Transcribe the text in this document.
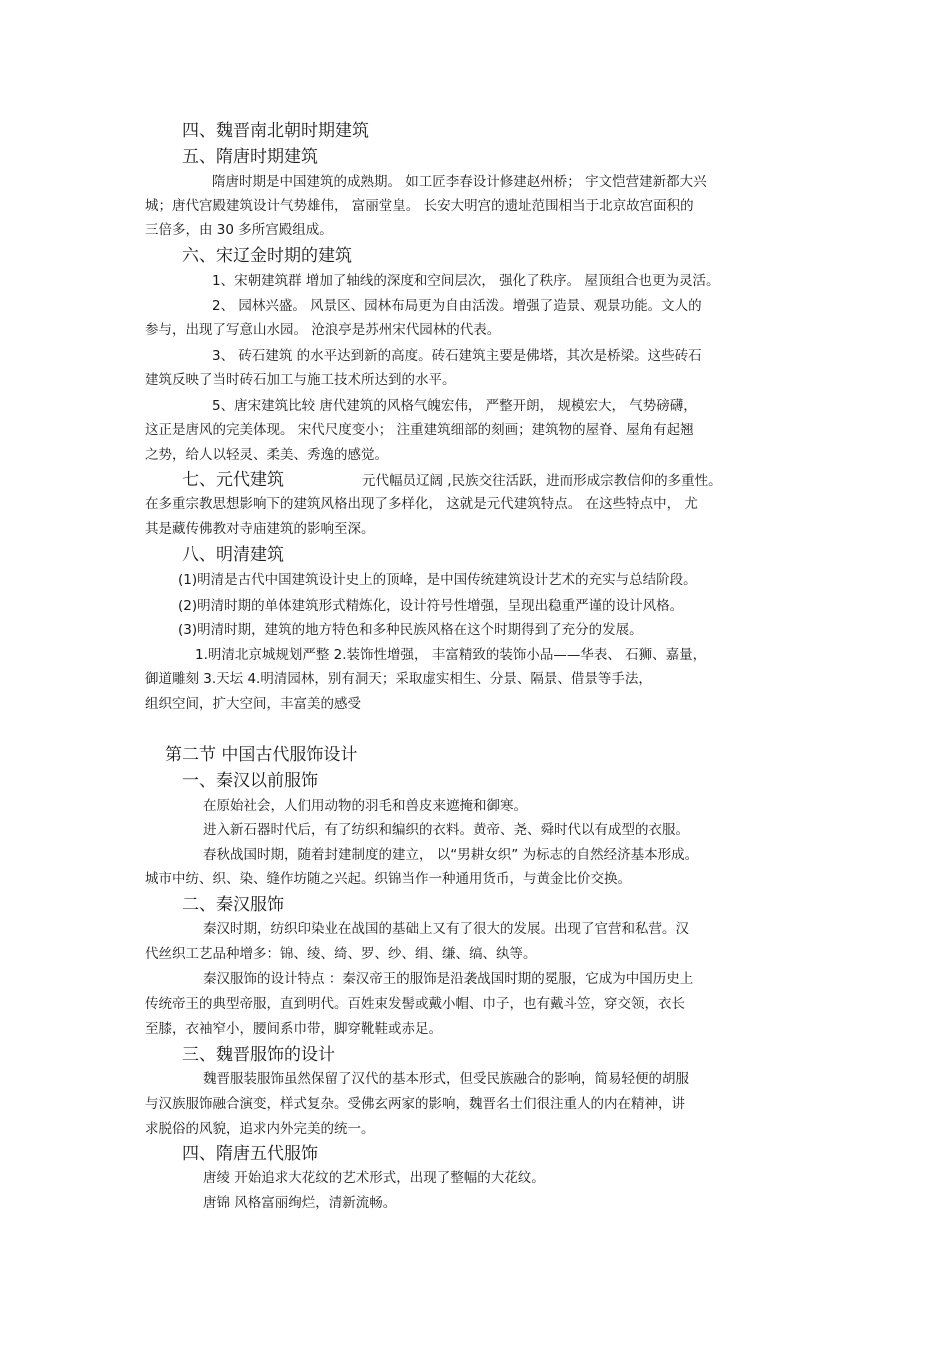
四、魏晋南北朝时期建筑
五、隋唐时期建筑
隋唐时期是中国建筑的成熟期。 如工匠李春设计修建赵州桥； 宇文恺营建新都大兴
城；唐代宫殿建筑设计气势雄伟， 富丽堂皇。 长安大明宫的遗址范围相当于北京故宫面积的
三倍多，由 30 多所宫殿组成。
六、宋辽金时期的建筑
1、宋朝建筑群 增加了轴线的深度和空间层次， 强化了秩序。 屋顶组合也更为灵活。
2、 园林兴盛。 风景区、园林布局更为自由活泼。增强了造景、观景功能。文人的
参与，出现了写意山水园。 沧浪亭是苏州宋代园林的代表。
3、 砖石建筑 的水平达到新的高度。砖石建筑主要是佛塔，其次是桥梁。这些砖石
建筑反映了当时砖石加工与施工技术所达到的水平。
5、唐宋建筑比较 唐代建筑的风格气魄宏伟， 严整开朗， 规模宏大， 气势磅礴，
这正是唐风的完美体现。 宋代尺度变小； 注重建筑细部的刻画；建筑物的屋脊、屋角有起翘
之势，给人以轻灵、柔美、秀逸的感觉。
七、元代建筑	元代幅员辽阔 ,民族交往活跃，进而形成宗教信仰的多重性。
在多重宗教思想影响下的建筑风格出现了多样化， 这就是元代建筑特点。 在这些特点中， 尤
其是藏传佛教对寺庙建筑的影响至深。
八、明清建筑
(1)明清是古代中国建筑设计史上的顶峰，是中国传统建筑设计艺术的充实与总结阶段。
(2)明清时期的单体建筑形式精炼化，设计符号性增强，呈现出稳重严谨的设计风格。
(3)明清时期，建筑的地方特色和多种民族风格在这个时期得到了充分的发展。
1.明清北京城规划严整 2.装饰性增强， 丰富精致的装饰小品——华表、 石狮、嘉量，
御道雕刻 3.天坛 4.明清园林，别有洞天；采取虚实相生、分景、隔景、借景等手法，
组织空间，扩大空间，丰富美的感受
第二节 中国古代服饰设计
一、秦汉以前服饰
在原始社会，人们用动物的羽毛和兽皮来遮掩和御寒。
进入新石器时代后，有了纺织和编织的衣料。黄帝、尧、舜时代以有成型的衣服。
春秋战国时期，随着封建制度的建立， 以“男耕女织” 为标志的自然经济基本形成。
城市中纺、织、染、缝作坊随之兴起。织锦当作一种通用货币，与黄金比价交换。
二、秦汉服饰
秦汉时期，纺织印染业在战国的基础上又有了很大的发展。出现了官营和私营。汉
代丝织工艺品种增多：锦、绫、绮、罗、纱、绢、缣、缟、纨等。
秦汉服饰的设计特点 ：秦汉帝王的服饰是沿袭战国时期的冕服，它成为中国历史上
传统帝王的典型帝服，直到明代。百姓束发髻或戴小帽、巾子，也有戴斗笠，穿交领，衣长
至膝，衣袖窄小，腰间系巾带，脚穿靴鞋或赤足。
三、魏晋服饰的设计
魏晋服装服饰虽然保留了汉代的基本形式，但受民族融合的影响，简易轻便的胡服
与汉族服饰融合演变，样式复杂。受佛玄两家的影响，魏晋名士们很注重人的内在精神，讲
求脱俗的风貌，追求内外完美的统一。
四、隋唐五代服饰
唐绫 开始追求大花纹的艺术形式，出现了整幅的大花纹。
唐锦 风格富丽绚烂，清新流畅。
